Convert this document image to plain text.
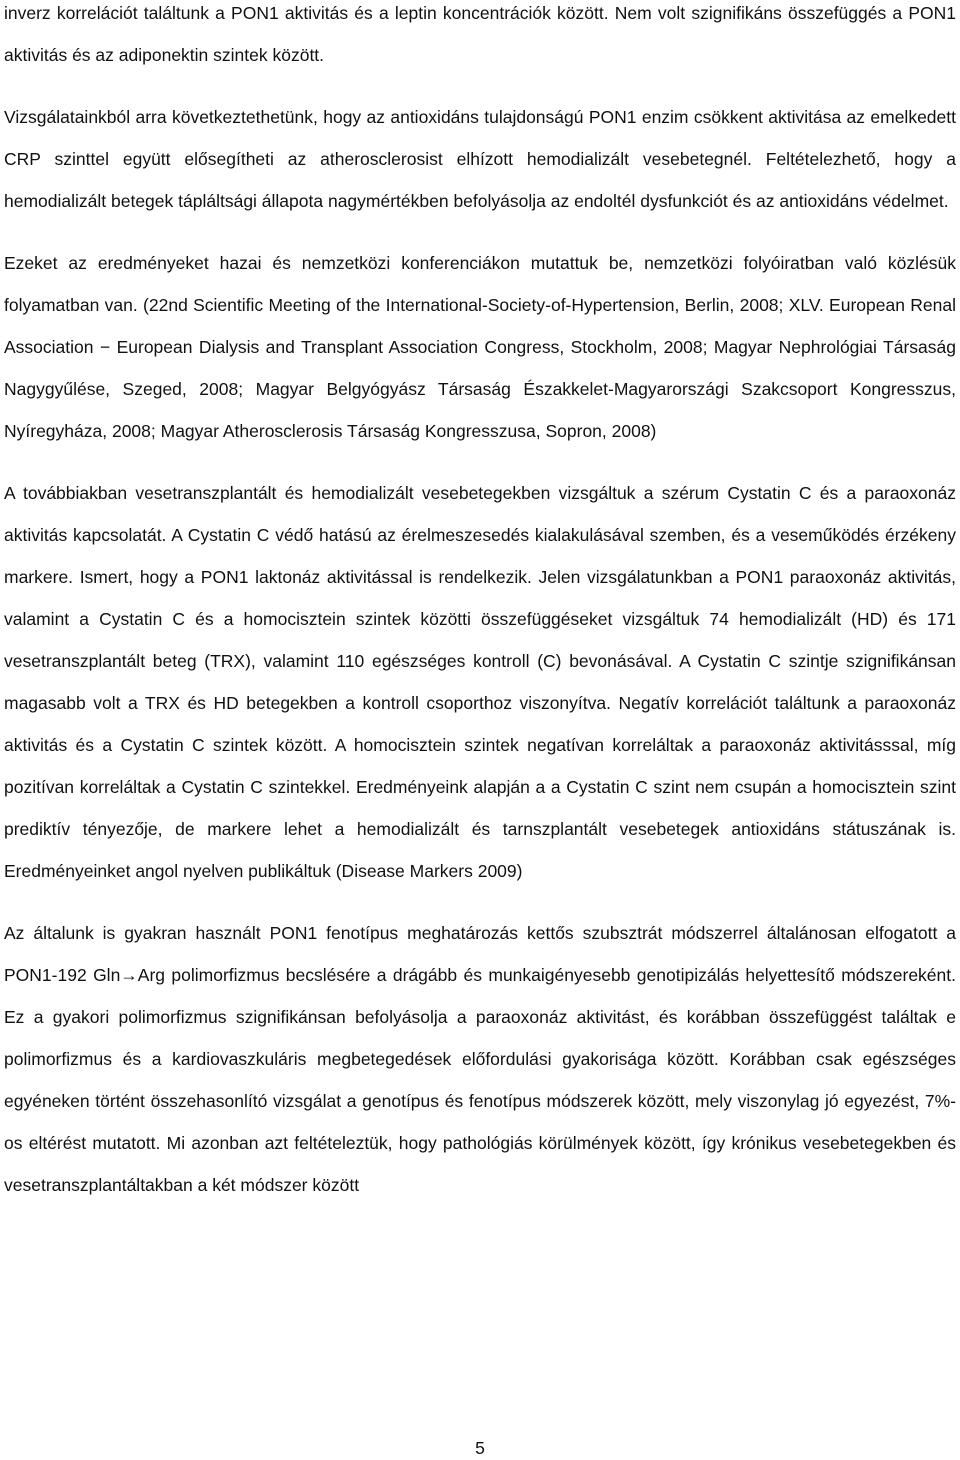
inverz korrelációt találtunk a PON1 aktivitás és a leptin koncentrációk között. Nem volt szignifikáns összefüggés a PON1 aktivitás és az adiponektin szintek között.

Vizsgálatainkból arra következtethetünk, hogy az antioxidáns tulajdonságú PON1 enzim csökkent aktivitása az emelkedett CRP szinttel együtt elősegítheti az atherosclerosist elhízott hemodializált vesebetegnél. Feltételezhető, hogy a hemodializált betegek tápláltsági állapota nagymértékben befolyásolja az endoltél dysfunkciót és az antioxidáns védelmet.

Ezeket az eredményeket hazai és nemzetközi konferenciákon mutattuk be, nemzetközi folyóiratban való közlésük folyamatban van. (22nd Scientific Meeting of the International-Society-of-Hypertension, Berlin, 2008; XLV. European Renal Association − European Dialysis and Transplant Association Congress, Stockholm, 2008; Magyar Nephrológiai Társaság Nagygyűlése, Szeged, 2008; Magyar Belgyógyász Társaság Északkelet-Magyarországi Szakcsoport Kongresszus, Nyíregyháza, 2008; Magyar Atherosclerosis Társaság Kongresszusa, Sopron, 2008)

A továbbiakban vesetranszplantált és hemodializált vesebetegekben vizsgáltuk a szérum Cystatin C és a paraoxonáz aktivitás kapcsolatát. A Cystatin C védő hatású az érelmeszesedés kialakulásával szemben, és a veseműködés érzékeny markere. Ismert, hogy a PON1 laktonáz aktivitással is rendelkezik. Jelen vizsgálatunkban a PON1 paraoxonáz aktivitás, valamint a Cystatin C és a homocisztein szintek közötti összefüggéseket vizsgáltuk 74 hemodializált (HD) és 171 vesetranszplantált beteg (TRX), valamint 110 egészséges kontroll (C) bevonásával. A Cystatin C szintje szignifikánsan magasabb volt a TRX és HD betegekben a kontroll csoporthoz viszonyítva. Negatív korrelációt találtunk a paraoxonáz aktivitás és a Cystatin C szintek között. A homocisztein szintek negatívan korreláltak a paraoxonáz aktivitásssal, míg pozitívan korreláltak a Cystatin C szintekkel. Eredményeink alapján a a Cystatin C szint nem csupán a homocisztein szint prediktív tényezője, de markere lehet a hemodializált és tarnszplantált vesebetegek antioxidáns státuszának is. Eredményeinket angol nyelven publikáltuk (Disease Markers 2009)

Az általunk is gyakran használt PON1 fenotípus meghatározás kettős szubsztrát módszerrel általánosan elfogatott a PON1-192 Gln→Arg polimorfizmus becslésére a drágább és munkaigényesebb genotipizálás helyettesítő módszereként. Ez a gyakori polimorfizmus szignifikánsan befolyásolja a paraoxonáz aktivitást, és korábban összefüggést találtak e polimorfizmus és a kardiovaszkuláris megbetegedések előfordulási gyakorisága között. Korábban csak egészséges egyéneken történt összehasonlító vizsgálat a genotípus és fenotípus módszerek között, mely viszonylag jó egyezést, 7%-os eltérést mutatott. Mi azonban azt feltételeztük, hogy pathológiás körülmények között, így krónikus vesebetegekben és vesetranszplantáltakban a két módszer között

5
